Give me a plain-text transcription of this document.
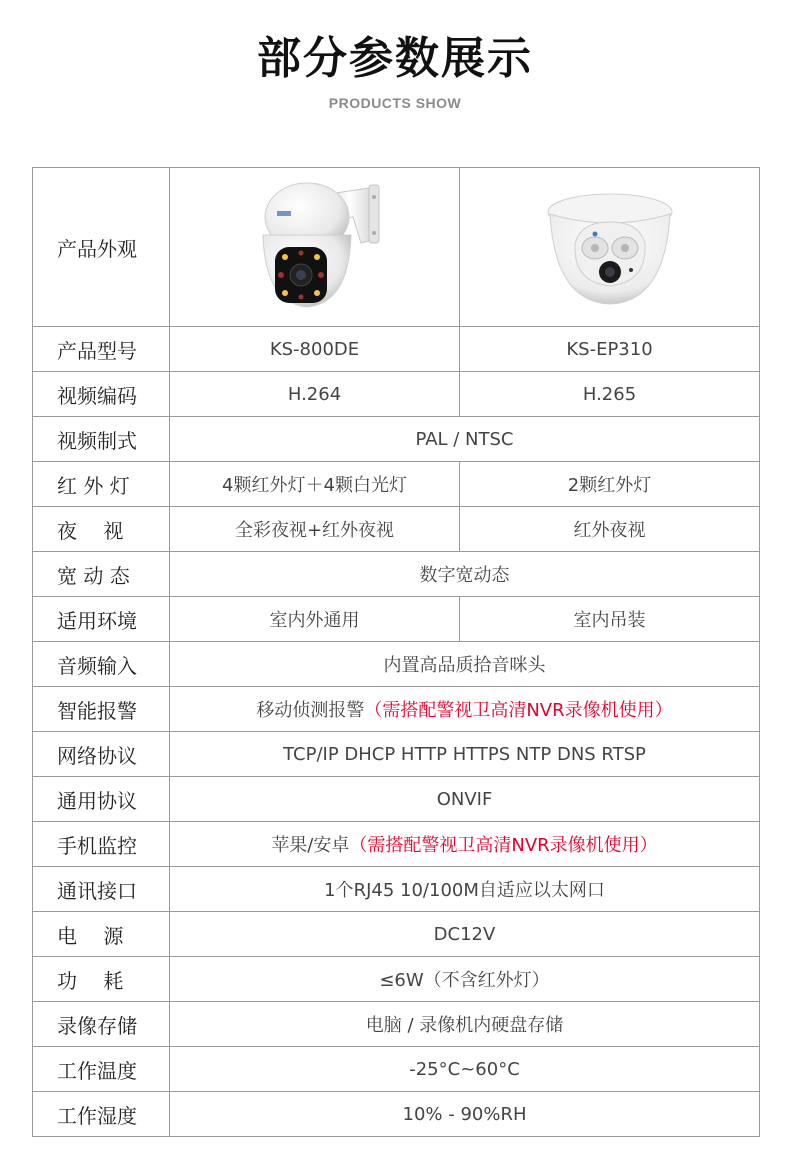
部分参数展示
PRODUCTS SHOW
产品外观	

产品型号	KS-800DE	KS-EP310
视频编码	H.264	H.265
视频制式	PAL / NTSC	
红 外 灯	4颗红外灯＋4颗白光灯	2颗红外灯
夜　 视	全彩夜视+红外夜视	红外夜视
宽 动 态	数字宽动态	
适用环境	室内外通用	室内吊装
音频输入	内置高品质拾音咪头	
智能报警	移动侦测报警（需搭配警视卫高清NVR录像机使用）	
网络协议	TCP/IP DHCP HTTP HTTPS NTP DNS RTSP	
通用协议	ONVIF	
手机监控	苹果/安卓（需搭配警视卫高清NVR录像机使用）	
通讯接口	1个RJ45 10/100M自适应以太网口	
电　 源	DC12V	
功　 耗	≤6W（不含红外灯）	
录像存储	电脑 / 录像机内硬盘存储	
工作温度	-25°C~60°C	
工作湿度	10% - 90%RH	
